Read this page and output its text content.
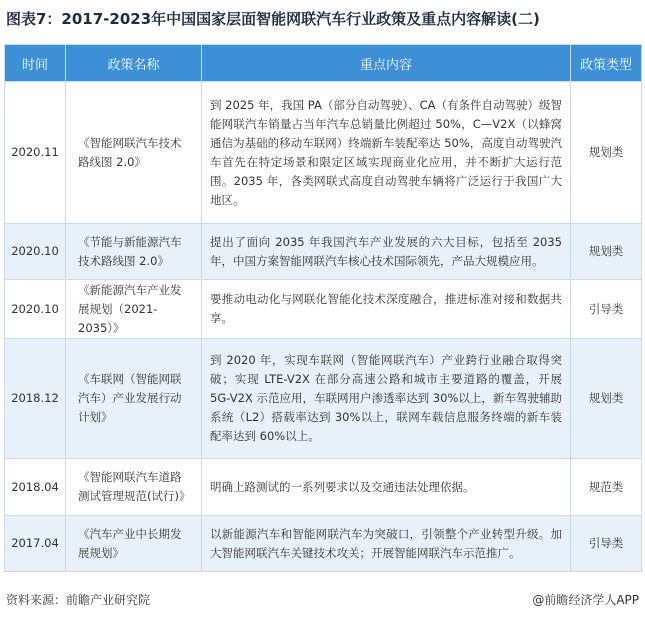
图表7：2017-2023年中国国家层面智能网联汽车行业政策及重点内容解读(二)
时间	政策名称	重点内容	政策类型
2020.11	《智能网联汽车技术路线图 2.0》	到 2025 年，我国 PA（部分自动驾驶）、CA（有条件自动驾驶）级智能网联汽车销量占当年汽车总销量比例超过 50%，C—V2X（以蜂窝通信为基础的移动车联网）终端新车装配率达 50%，高度自动驾驶汽车首先在特定场景和限定区域实现商业化应用，并不断扩大运行范围。2035 年，各类网联式高度自动驾驶车辆将广泛运行于我国广大地区。	规划类
2020.10	《节能与新能源汽车技术路线图 2.0》	提出了面向 2035 年我国汽车产业发展的六大目标，包括至 2035 年，中国方案智能网联汽车核心技术国际领先，产品大规模应用。	规划类
2020.10	《新能源汽车产业发展规划（2021-2035）》	要推动电动化与网联化智能化技术深度融合，推进标准对接和数据共享。	引导类
2018.12	《车联网（智能网联汽车）产业发展行动计划》	到 2020 年，实现车联网（智能网联汽车）产业跨行业融合取得突破；实现 LTE-V2X 在部分高速公路和城市主要道路的覆盖，开展 5G-V2X 示范应用，车联网用户渗透率达到 30%以上，新车驾驶辅助系统（L2）搭载率达到 30%以上，联网车载信息服务终端的新车装配率达到 60%以上。	规划类
2018.04	《智能网联汽车道路测试管理规范(试行)》	明确上路测试的一系列要求以及交通违法处理依据。	规范类
2017.04	《汽车产业中长期发展规划》	以新能源汽车和智能网联汽车为突破口，引领整个产业转型升级。加大智能网联汽车关键技术攻关；开展智能网联汽车示范推广。	引导类
资料来源：前瞻产业研究院	@前瞻经济学人APP
